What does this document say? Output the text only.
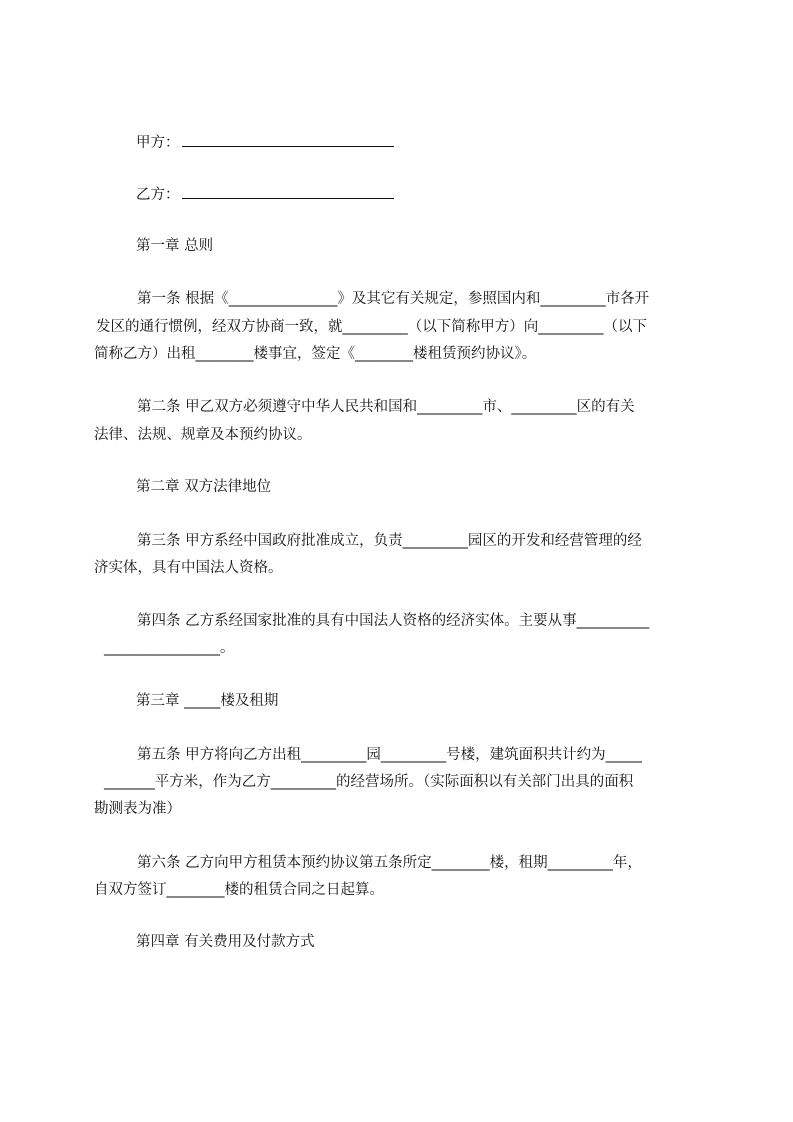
甲方：
乙方：
第一章 总则
第一条 根据《_______________》及其它有关规定，参照国内和_________市各开
发区的通行惯例，经双方协商一致，就_________（以下简称甲方）向_________（以下
简称乙方）出租________楼事宜，签定《________楼租赁预约协议》。
第二条 甲乙双方必须遵守中华人民共和国和_________市、_________区的有关
法律、法规、规章及本预约协议。
第二章 双方法律地位
第三条 甲方系经中国政府批准成立，负责_________园区的开发和经营管理的经
济实体，具有中国法人资格。
第四条 乙方系经国家批准的具有中国法人资格的经济实体。主要从事__________
________________。
第三章 _____楼及租期
第五条 甲方将向乙方出租_________园_________号楼，建筑面积共计约为_____
_______平方米，作为乙方_________的经营场所。（实际面积以有关部门出具的面积
勘测表为准）
第六条 乙方向甲方租赁本预约协议第五条所定________楼，租期_________年，
自双方签订________楼的租赁合同之日起算。
第四章 有关费用及付款方式
